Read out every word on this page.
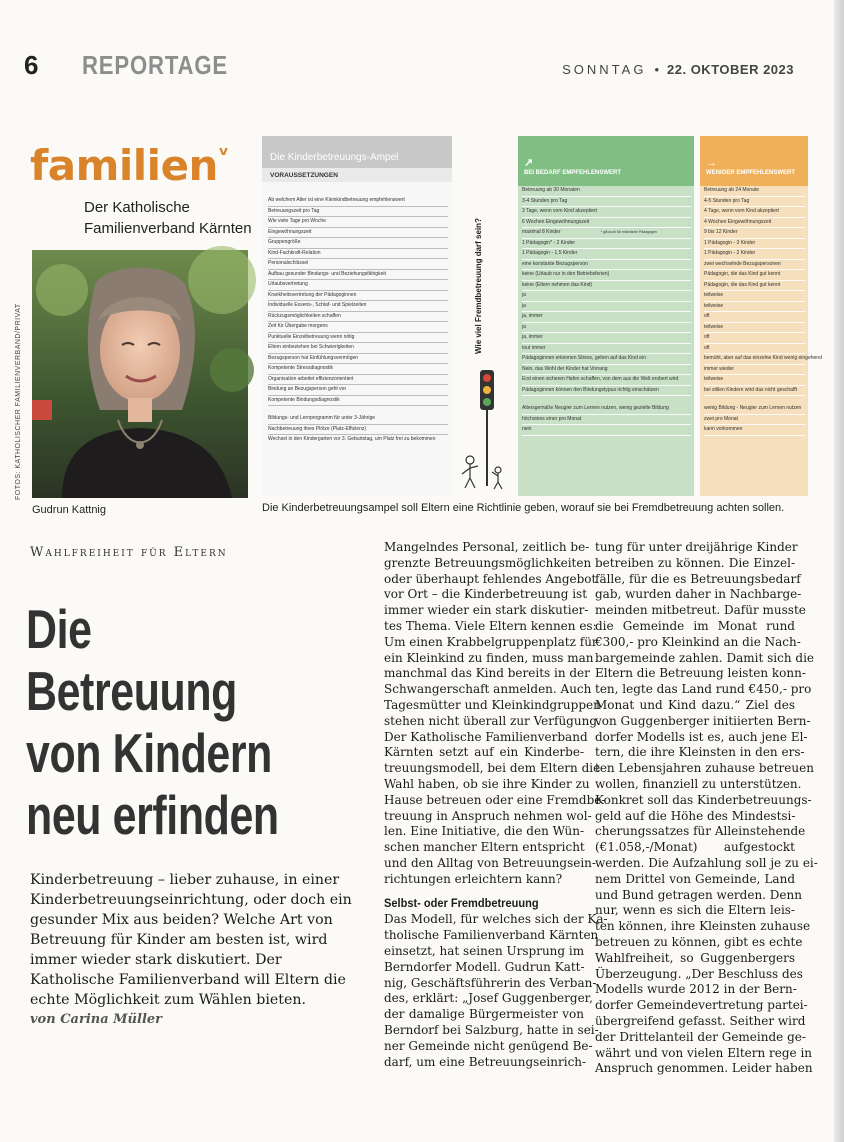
6 REPORTAGE	SONNTAG • 22. OKTOBER 2023
familien$^ᵛ$
Der Katholische
Familienverband Kärnten
FOTOS: KATHOLISCHER FAMILIENVERBAND/PRIVAT
Gudrun Kattnig
Die Kinderbetreuungs-Ampel
VORAUSSETZUNGEN
Ab welchem Alter ist eine Kleinkindbetreuung empfehlenswert
Betreuungszeit pro Tag
Wie viele Tage pro Woche
Eingewöhnungszeit
Gruppengröße
Kind-Fachkraft-Relation
Personalschlüssel
Aufbau gesunder Bindungs- und Beziehungsfähigkeit
Urlaubsvertretung
Krankheitsvertretung der Pädagoginnen
Individuelle Essens-, Schlaf- und Spielzeiten
Rückzugsmöglichkeiten schaffen
Zeit für Übergabe morgens
Punktuelle Einzelbetreuung wenn nötig
Eltern einbeziehen bei Schwierigkeiten
Bezugsperson hat Einfühlungsvermögen
Kompetente Stressdiagnostik
Organisation arbeitet effizienzorientiert
Bindung an Bezugsperson geht vor
Kompetente Bindungsdiagnostik
Bildungs- und Lernprogramm für unter 3-Jährige
Nachbetreuung ihres Plötze (Platz-Effizienz)
Wechsel in den Kindergarten vor 3. Geburtstag, um Platz frei zu bekommen
Wie viel Fremdbetreuung darf sein?
↗
BEI BEDARF EMPFEHLENSWERT
Betreuung ab 30 Monaten
3-4 Stunden pro Tag
3 Tage, wenn vom Kind akzeptiert
6 Wochen Eingewöhnungszeit
maximal 8 Kinder	* gilt auch für männliche Pädagogen
1 Pädagogin* - 2 Kinder
1 Pädagogin - 1,5 Kinder
eine konstante Bezugsperson
keine (Urlaub nur in den Betriebsferien)
keine (Eltern nehmen das Kind)
ja
ja
ja, immer
ja
ja, immer
tout immer
Pädagoginnen erkennen Stress, gehen auf das Kind ein
Nein, das Wohl der Kinder hat Vorrang
Erst einen sicheren Hafen schaffen, von dem aus die Welt erobert wird
Pädagoginnen können den Bindungstypus richtig einschätzen
Altersgemäße Neugier zum Lernen nutzen, wenig gezielte Bildung
höchstens einer pro Monat
nein
→
WENIGER EMPFEHLENSWERT
Betreuung ab 24 Monate
4-5 Stunden pro Tag
4 Tage, wenn vom Kind akzeptiert
4 Wochen Eingewöhnungszeit
9 bis 12 Kinder
1 Pädagogin - 3 Kinder
1 Pädagogin - 2 Kinder
zwei wechselnde Bezugspersonen
Pädagogin, die das Kind gut kennt
Pädagogin, die das Kind gut kennt
teilweise
teilweise
oft
teilweise
oft
oft
bemüht, aber auf das einzelne Kind wenig eingehend
immer wieder
teilweise
bei stillen Kindern wird das nicht geschafft
wenig Bildung - Neugier zum Lernen nutzen
zwei pro Monat
kann vorkommen
Die Kinderbetreuungsampel soll Eltern eine Richtlinie geben, worauf sie bei Fremdbetreuung achten sollen.
Wahlfreiheit für Eltern
Die Betreuung
von Kindern
neu erfinden
Kinderbetreuung – lieber zuhause, in einer Kinderbetreuungseinrichtung, oder doch ein gesunder Mix aus beiden? Welche Art von Betreuung für Kinder am besten ist, wird immer wieder stark diskutiert. Der Katholische Familienverband will Eltern die echte Möglichkeit zum Wählen bieten.
von Carina Müller
Mangelndes Personal, zeitlich be-
grenzte Betreuungsmöglichkeiten
oder überhaupt fehlendes Angebot
vor Ort – die Kinderbetreuung ist
immer wieder ein stark diskutier-
tes Thema. Viele Eltern kennen es:
Um einen Krabbelgruppenplatz für
ein Kleinkind zu finden, muss man
manchmal das Kind bereits in der
Schwangerschaft anmelden. Auch
Tagesmütter und Kleinkindgruppen
stehen nicht überall zur Verfügung.
Der Katholische Familienverband
Kärnten setzt auf ein Kinderbe-
treuungsmodell, bei dem Eltern die
Wahl haben, ob sie ihre Kinder zu
Hause betreuen oder eine Fremdbe-
treuung in Anspruch nehmen wol-
len. Eine Initiative, die den Wün-
schen mancher Eltern entspricht
und den Alltag von Betreuungsein-
richtungen erleichtern kann?
Selbst- oder Fremdbetreuung
Das Modell, für welches sich der Ka-
tholische Familienverband Kärnten
einsetzt, hat seinen Ursprung im
Berndorfer Modell. Gudrun Katt-
nig, Geschäftsführerin des Verban-
des, erklärt: „Josef Guggenberger,
der damalige Bürgermeister von
Berndorf bei Salzburg, hatte in sei-
ner Gemeinde nicht genügend Be-
darf, um eine Betreuungseinrich-
tung für unter dreijährige Kinder
betreiben zu können. Die Einzel-
fälle, für die es Betreuungsbedarf
gab, wurden daher in Nachbarge-
meinden mitbetreut. Dafür musste
die Gemeinde im Monat rund
€300,- pro Kleinkind an die Nach-
bargemeinde zahlen. Damit sich die
Eltern die Betreuung leisten konn-
ten, legte das Land rund €450,- pro
Monat und Kind dazu.“ Ziel des
von Guggenberger initiierten Bern-
dorfer Modells ist es, auch jene El-
tern, die ihre Kleinsten in den ers-
ten Lebensjahren zuhause betreuen
wollen, finanziell zu unterstützen.
Konkret soll das Kinderbetreuungs-
geld auf die Höhe des Mindestsi-
cherungssatzes für Alleinstehende
(€1.058,-/Monat) aufgestockt
werden. Die Aufzahlung soll je zu ei-
nem Drittel von Gemeinde, Land
und Bund getragen werden. Denn
nur, wenn es sich die Eltern leis-
ten können, ihre Kleinsten zuhause
betreuen zu können, gibt es echte
Wahlfreiheit, so Guggenbergers
Überzeugung. „Der Beschluss des
Modells wurde 2012 in der Bern-
dorfer Gemeindevertretung partei-
übergreifend gefasst. Seither wird
der Drittelanteil der Gemeinde ge-
währt und von vielen Eltern rege in
Anspruch genommen. Leider haben
